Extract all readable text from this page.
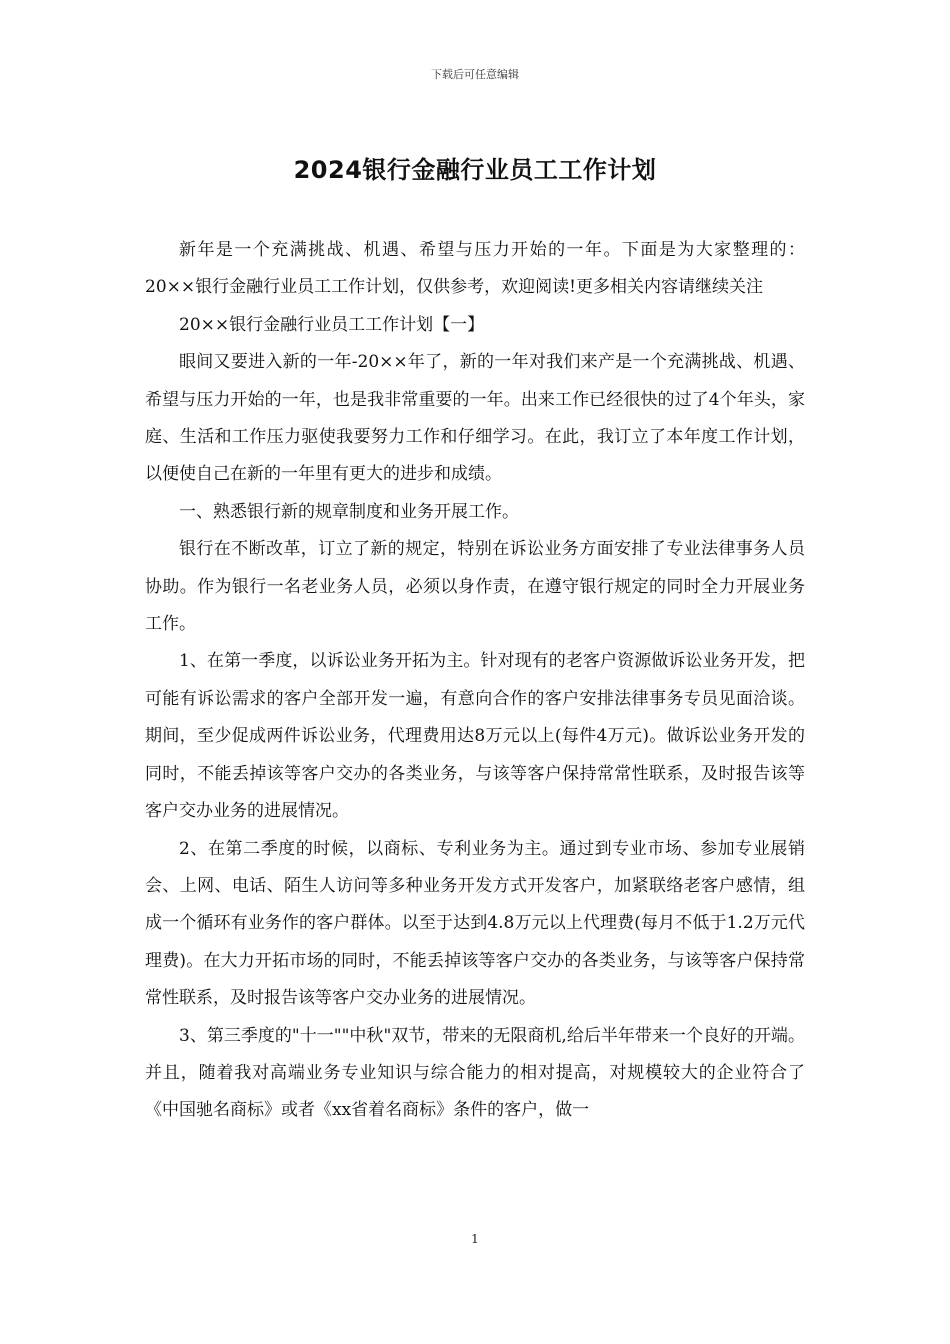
下载后可任意编辑
2024银行金融行业员工工作计划

新年是一个充满挑战、机遇、希望与压力开始的一年。下面是为大家整理的：20××银行金融行业员工工作计划，仅供参考，欢迎阅读!更多相关内容请继续关注

20××银行金融行业员工工作计划【一】

眼间又要进入新的一年-20××年了，新的一年对我们来产是一个充满挑战、机遇、希望与压力开始的一年，也是我非常重要的一年。出来工作已经很快的过了4个年头，家庭、生活和工作压力驱使我要努力工作和仔细学习。在此，我订立了本年度工作计划，以便使自己在新的一年里有更大的进步和成绩。

一、熟悉银行新的规章制度和业务开展工作。

银行在不断改革，订立了新的规定，特别在诉讼业务方面安排了专业法律事务人员协助。作为银行一名老业务人员，必须以身作责，在遵守银行规定的同时全力开展业务工作。

1、在第一季度，以诉讼业务开拓为主。针对现有的老客户资源做诉讼业务开发，把可能有诉讼需求的客户全部开发一遍，有意向合作的客户安排法律事务专员见面洽谈。期间，至少促成两件诉讼业务，代理费用达8万元以上(每件4万元)。做诉讼业务开发的同时，不能丢掉该等客户交办的各类业务，与该等客户保持常常性联系，及时报告该等客户交办业务的进展情况。

2、在第二季度的时候，以商标、专利业务为主。通过到专业市场、参加专业展销会、上网、电话、陌生人访问等多种业务开发方式开发客户，加紧联络老客户感情，组成一个循环有业务作的客户群体。以至于达到4.8万元以上代理费(每月不低于1.2万元代理费)。在大力开拓市场的同时，不能丢掉该等客户交办的各类业务，与该等客户保持常常性联系，及时报告该等客户交办业务的进展情况。

3、第三季度的"十一""中秋"双节，带来的无限商机,给后半年带来一个良好的开端。并且，随着我对高端业务专业知识与综合能力的相对提高，对规模较大的企业符合了《中国驰名商标》或者《xx省着名商标》条件的客户，做一

1
